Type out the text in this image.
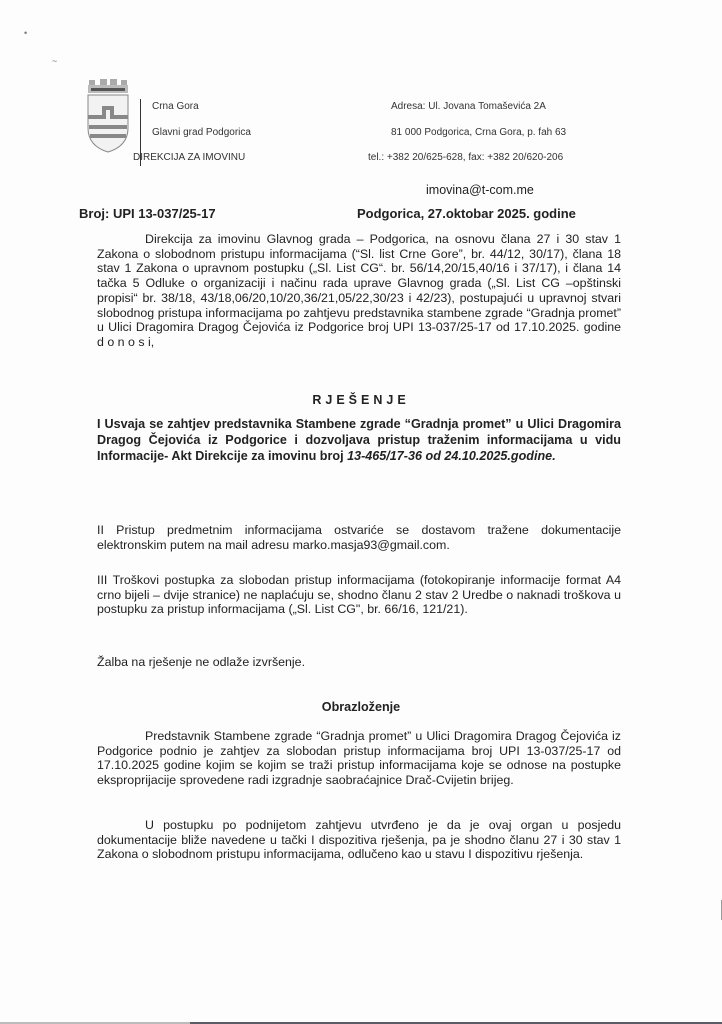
•
~
Crna Gora
Glavni grad Podgorica
DIREKCIJA ZA IMOVINU
Adresa: Ul. Jovana Tomaševića 2A
81 000 Podgorica, Crna Gora, p. fah 63
tel.: +382 20/625-628, fax: +382 20/620-206
imovina@t-com.me
Broj: UPI 13-037/25-17	Podgorica, 27.oktobar 2025. godine

Direkcija za imovinu Glavnog grada – Podgorica, na osnovu člana 27 i 30 stav 1 Zakona o slobodnom pristupu informacijama (“Sl. list Crne Gore”, br. 44/12, 30/17), člana 18 stav 1 Zakona o upravnom postupku („Sl. List CG“. br. 56/14,20/15,40/16 i 37/17), i člana 14 tačka 5 Odluke o organizaciji i načinu rada uprave Glavnog grada („Sl. List CG –opštinski propisi“ br. 38/18, 43/18,06/20,10/20,36/21,05/22,30/23 i 42/23), postupajući u upravnoj stvari slobodnog pristupa informacijama po zahtjevu predstavnika stambene zgrade “Gradnja promet” u Ulici Dragomira Dragog Čejovića iz Podgorice broj UPI 13-037/25-17 od 17.10.2025. godine d o n o s i,

RJEŠENJE

I Usvaja se zahtjev predstavnika Stambene zgrade “Gradnja promet” u Ulici Dragomira Dragog Čejovića iz Podgorice i dozvoljava pristup traženim informacijama u vidu Informacije- Akt Direkcije za imovinu broj 13-465/17-36 od 24.10.2025.godine.

II Pristup predmetnim informacijama ostvariće se dostavom tražene dokumentacije elektronskim putem na mail adresu marko.masja93@gmail.com.

III Troškovi postupka za slobodan pristup informacijama (fotokopiranje informacije format A4 crno bijeli – dvije stranice) ne naplaćuju se, shodno članu 2 stav 2 Uredbe o naknadi troškova u postupku za pristup informacijama („Sl. List CG", br. 66/16, 121/21).

Žalba na rješenje ne odlaže izvršenje.

Obrazloženje

Predstavnik Stambene zgrade “Gradnja promet” u Ulici Dragomira Dragog Čejovića iz Podgorice podnio je zahtjev za slobodan pristup informacijama broj UPI 13-037/25-17 od 17.10.2025 godine kojim se kojim se traži pristup informacijama koje se odnose na postupke eksproprijacije sprovedene radi izgradnje saobraćajnice Drač-Cvijetin brijeg.

U postupku po podnijetom zahtjevu utvrđeno je da je ovaj organ u posjedu dokumentacije bliže navedene u tački I dispozitiva rješenja, pa je shodno članu 27 i 30 stav 1 Zakona o slobodnom pristupu informacijama, odlučeno kao u stavu I dispozitivu rješenja.
